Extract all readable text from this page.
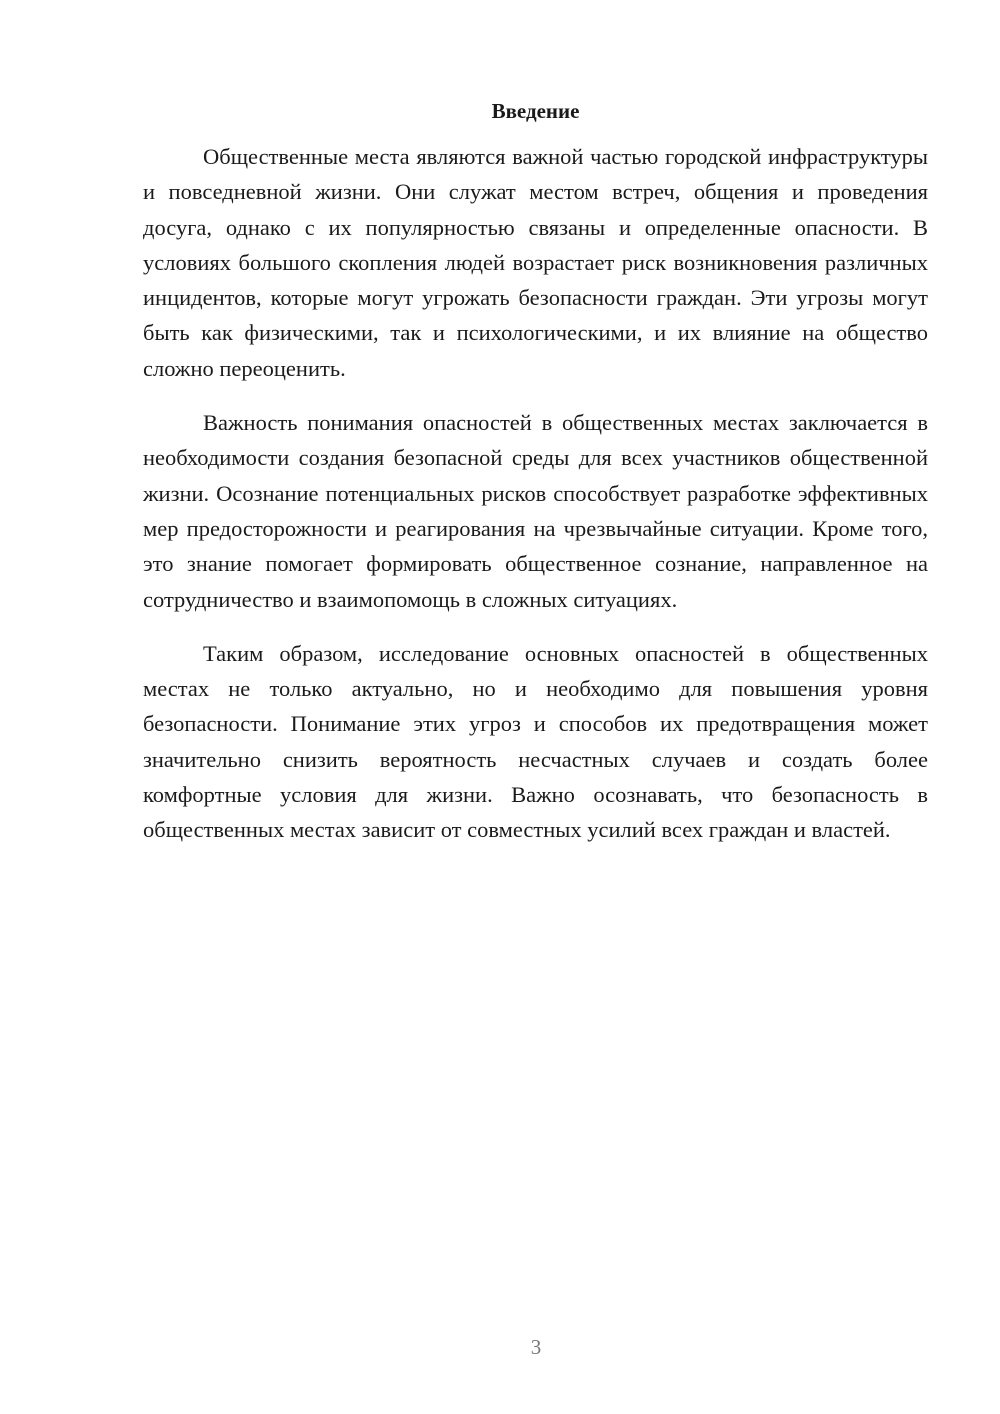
Введение

Общественные места являются важной частью городской инфраструктуры и повседневной жизни. Они служат местом встреч, общения и проведения досуга, однако с их популярностью связаны и определенные опасности. В условиях большого скопления людей возрастает риск возникновения различных инцидентов, которые могут угрожать безопасности граждан. Эти угрозы могут быть как физическими, так и психологическими, и их влияние на общество сложно переоценить.

Важность понимания опасностей в общественных местах заключается в необходимости создания безопасной среды для всех участников общественной жизни. Осознание потенциальных рисков способствует разработке эффективных мер предосторожности и реагирования на чрезвычайные ситуации. Кроме того, это знание помогает формировать общественное сознание, направленное на сотрудничество и взаимопомощь в сложных ситуациях.

Таким образом, исследование основных опасностей в общественных местах не только актуально, но и необходимо для повышения уровня безопасности. Понимание этих угроз и способов их предотвращения может значительно снизить вероятность несчастных случаев и создать более комфортные условия для жизни. Важно осознавать, что безопасность в общественных местах зависит от совместных усилий всех граждан и властей.

3
